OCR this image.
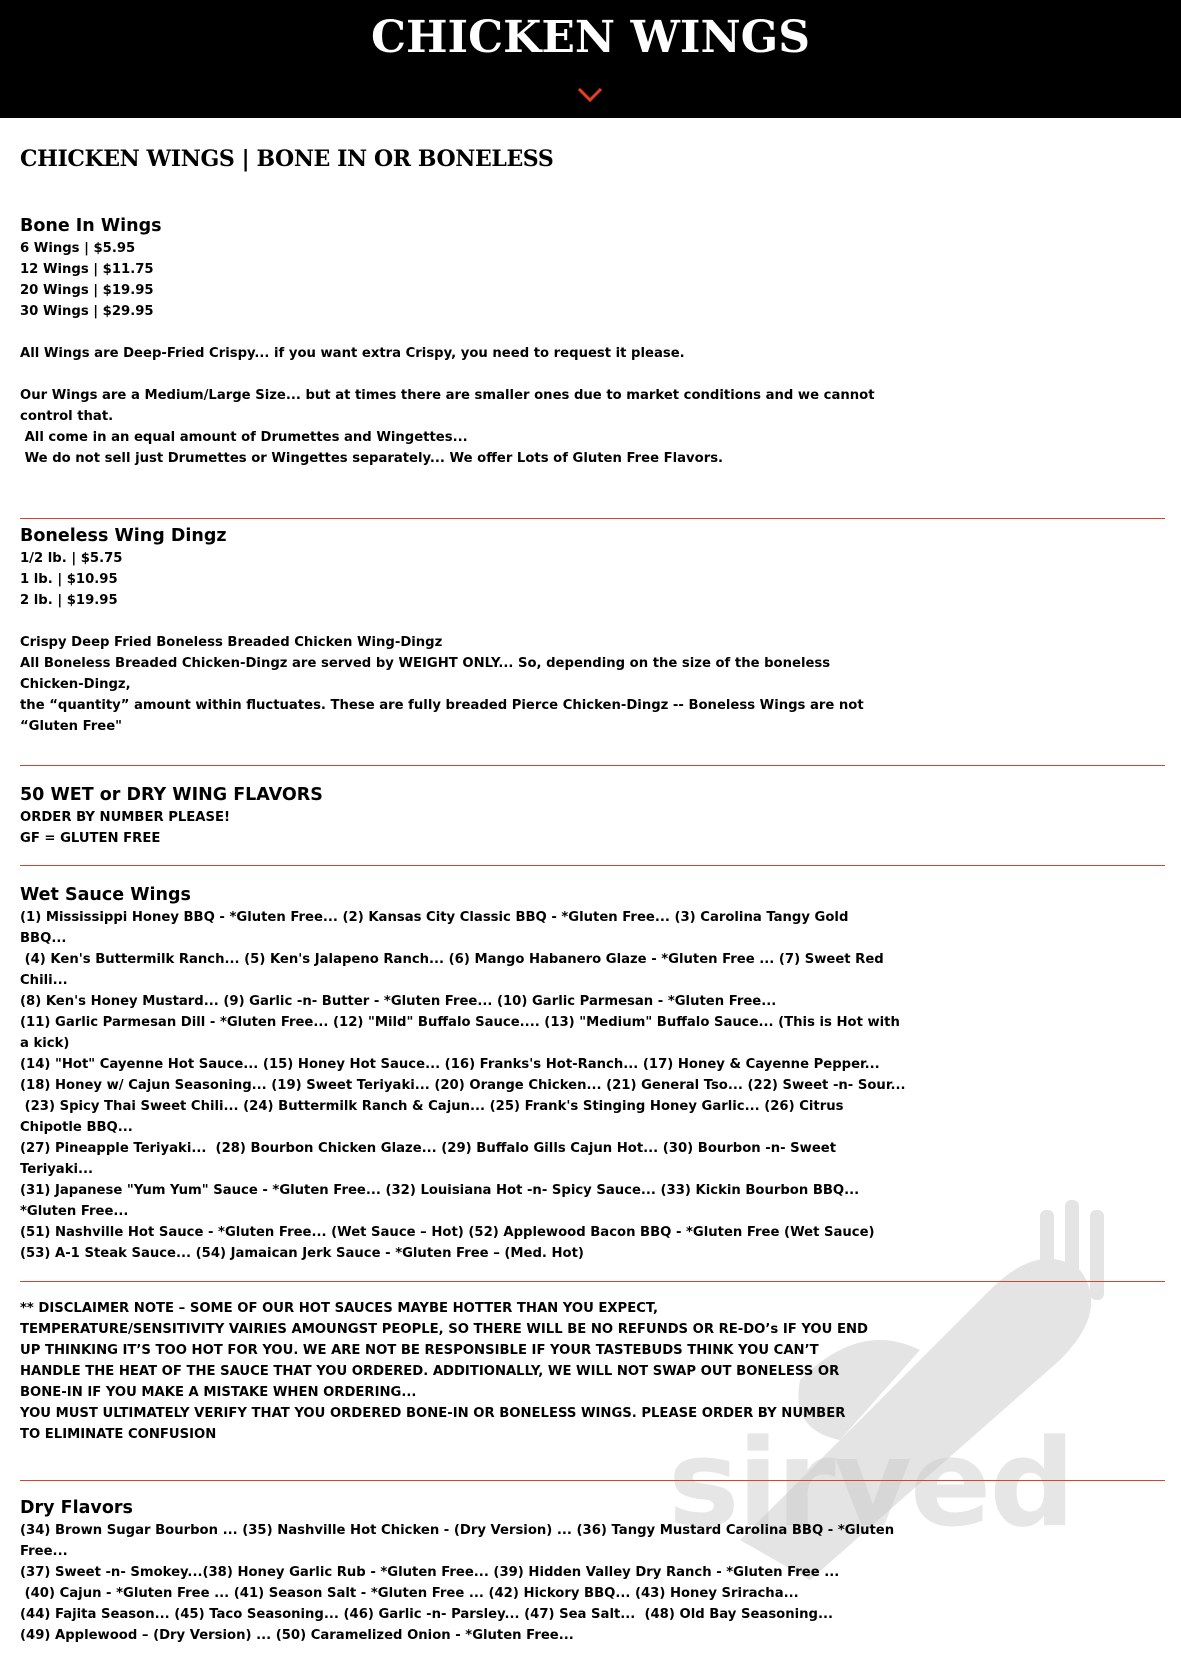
CHICKEN WINGS
sirved
CHICKEN WINGS | BONE IN OR BONELESS

Bone In Wings

6 Wings | $5.95

12 Wings | $11.75

20 Wings | $19.95

30 Wings | $29.95

All Wings are Deep-Fried Crispy... if you want extra Crispy, you need to request it please.

Our Wings are a Medium/Large Size... but at times there are smaller ones due to market conditions and we cannot

control that.

All come in an equal amount of Drumettes and Wingettes...

We do not sell just Drumettes or Wingettes separately... We offer Lots of Gluten Free Flavors.

Boneless Wing Dingz

1/2 lb. | $5.75

1 lb. | $10.95

2 lb. | $19.95

Crispy Deep Fried Boneless Breaded Chicken Wing-Dingz

All Boneless Breaded Chicken-Dingz are served by WEIGHT ONLY... So, depending on the size of the boneless

Chicken-Dingz,

the “quantity” amount within fluctuates. These are fully breaded Pierce Chicken-Dingz -- Boneless Wings are not

“Gluten Free"

50 WET or DRY WING FLAVORS

ORDER BY NUMBER PLEASE!

GF = GLUTEN FREE

Wet Sauce Wings

(1) Mississippi Honey BBQ - *Gluten Free... (2) Kansas City Classic BBQ - *Gluten Free... (3) Carolina Tangy Gold

BBQ...

(4) Ken's Buttermilk Ranch... (5) Ken's Jalapeno Ranch... (6) Mango Habanero Glaze - *Gluten Free ... (7) Sweet Red

Chili...

(8) Ken's Honey Mustard... (9) Garlic -n- Butter - *Gluten Free... (10) Garlic Parmesan - *Gluten Free...

(11) Garlic Parmesan Dill - *Gluten Free... (12) "Mild" Buffalo Sauce.... (13) "Medium" Buffalo Sauce... (This is Hot with

a kick)

(14) "Hot" Cayenne Hot Sauce... (15) Honey Hot Sauce... (16) Franks's Hot-Ranch... (17) Honey & Cayenne Pepper...

(18) Honey w/ Cajun Seasoning... (19) Sweet Teriyaki... (20) Orange Chicken... (21) General Tso... (22) Sweet -n- Sour...

(23) Spicy Thai Sweet Chili... (24) Buttermilk Ranch & Cajun... (25) Frank's Stinging Honey Garlic... (26) Citrus

Chipotle BBQ...

(27) Pineapple Teriyaki...  (28) Bourbon Chicken Glaze... (29) Buffalo Gills Cajun Hot... (30) Bourbon -n- Sweet

Teriyaki...

(31) Japanese "Yum Yum" Sauce - *Gluten Free... (32) Louisiana Hot -n- Spicy Sauce... (33) Kickin Bourbon BBQ...

*Gluten Free...

(51) Nashville Hot Sauce - *Gluten Free... (Wet Sauce – Hot) (52) Applewood Bacon BBQ - *Gluten Free (Wet Sauce)

(53) A-1 Steak Sauce... (54) Jamaican Jerk Sauce - *Gluten Free – (Med. Hot)

** DISCLAIMER NOTE – SOME OF OUR HOT SAUCES MAYBE HOTTER THAN YOU EXPECT,

TEMPERATURE/SENSITIVITY VAIRIES AMOUNGST PEOPLE, SO THERE WILL BE NO REFUNDS OR RE-DO’s IF YOU END

UP THINKING IT’S TOO HOT FOR YOU. WE ARE NOT BE RESPONSIBLE IF YOUR TASTEBUDS THINK YOU CAN’T

HANDLE THE HEAT OF THE SAUCE THAT YOU ORDERED. ADDITIONALLY, WE WILL NOT SWAP OUT BONELESS OR

BONE-IN IF YOU MAKE A MISTAKE WHEN ORDERING...

YOU MUST ULTIMATELY VERIFY THAT YOU ORDERED BONE-IN OR BONELESS WINGS. PLEASE ORDER BY NUMBER

TO ELIMINATE CONFUSION

Dry Flavors

(34) Brown Sugar Bourbon ... (35) Nashville Hot Chicken - (Dry Version) ... (36) Tangy Mustard Carolina BBQ - *Gluten

Free...

(37) Sweet -n- Smokey...(38) Honey Garlic Rub - *Gluten Free... (39) Hidden Valley Dry Ranch - *Gluten Free ...

(40) Cajun - *Gluten Free ... (41) Season Salt - *Gluten Free ... (42) Hickory BBQ... (43) Honey Sriracha...

(44) Fajita Season... (45) Taco Seasoning... (46) Garlic -n- Parsley... (47) Sea Salt...  (48) Old Bay Seasoning...

(49) Applewood – (Dry Version) ... (50) Caramelized Onion - *Gluten Free...
